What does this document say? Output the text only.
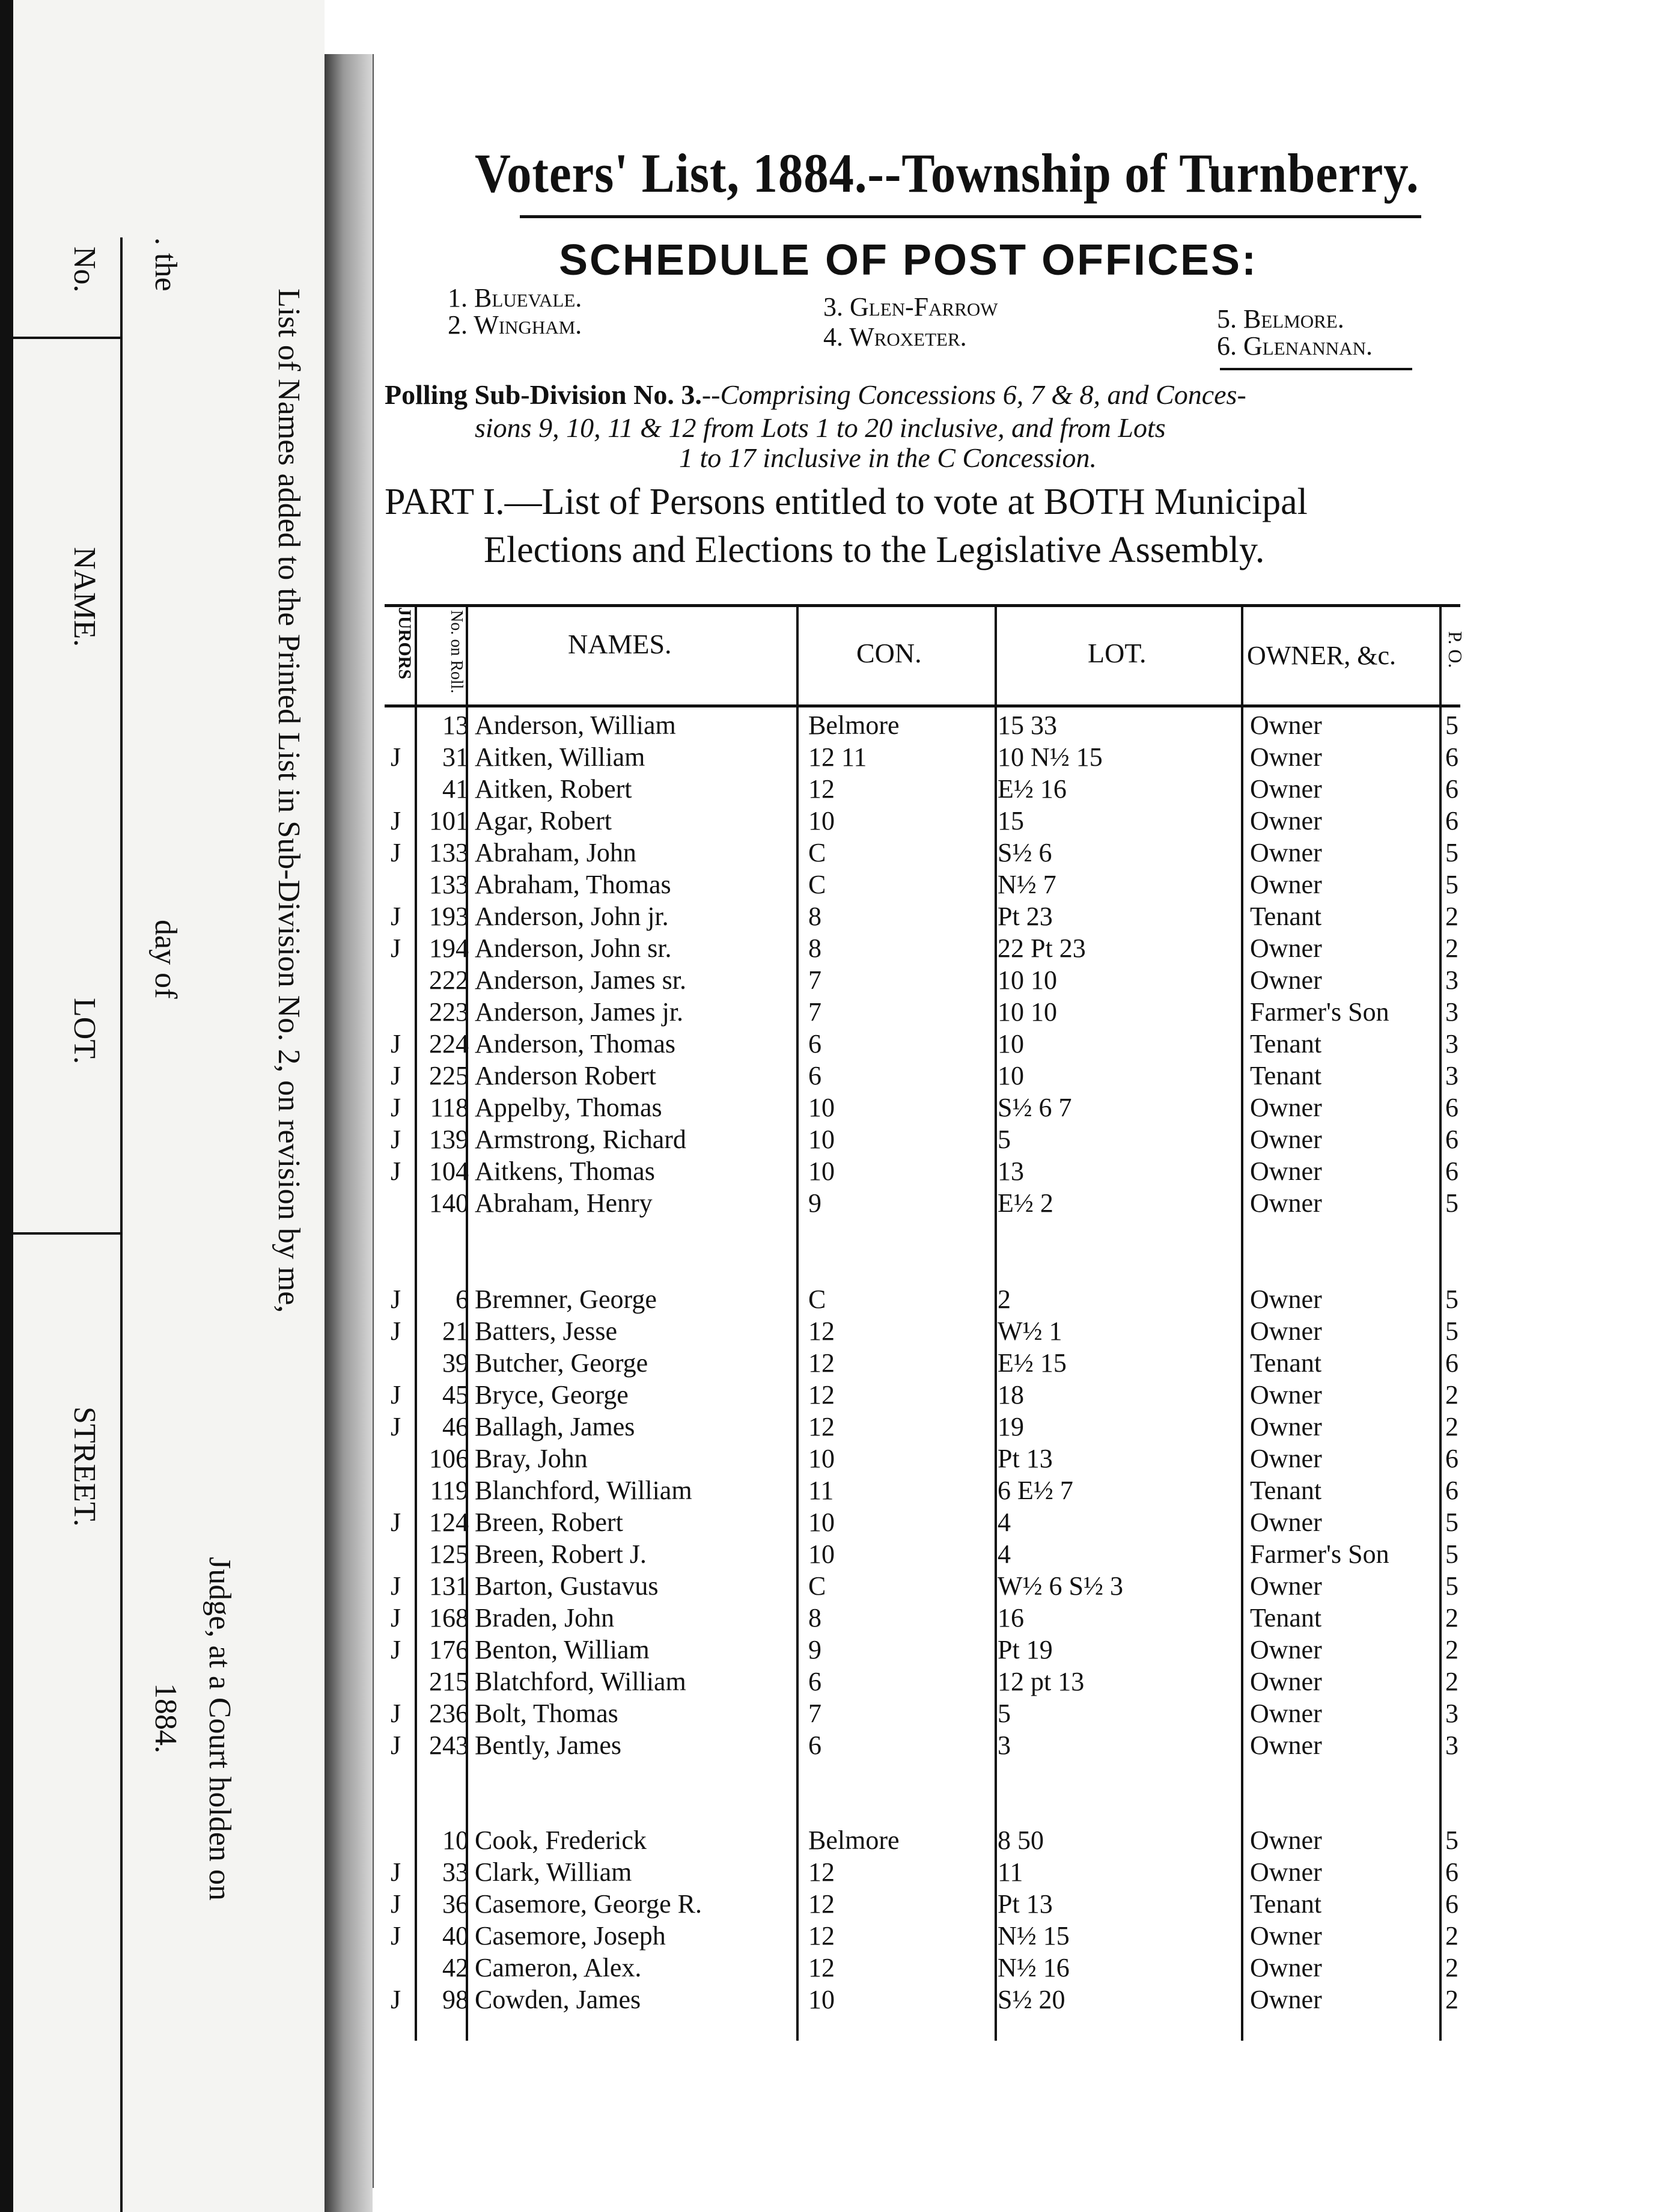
No.
NAME.
LOT.
STREET.
. the
day of
1884. Judge, at a Court holden on
List of Names added to the Printed List in Sub-Division No. 2, on revision by me,
Voters' List, 1884.--Township of Turnberry.
SCHEDULE OF POST OFFICES:
1. Bluevale.
2. Wingham.
3. Glen-Farrow
4. Wroxeter.
5. Belmore.
6. Glenannan.
Polling Sub-Division No. 3.--Comprising Concessions 6, 7 & 8, and Conces-
sions 9, 10, 11 & 12 from Lots 1 to 20 inclusive, and from Lots
1 to 17 inclusive in the C Concession.
PART I.—List of Persons entitled to vote at BOTH Municipal
Elections and Elections to the Legislative Assembly.
JURORS No. on Roll.	NAMES.	CON.	LOT.	OWNER, &c.	P. O.
13 Anderson, William	Belmore	15 33	Owner	5
J	31 Aitken, William	12 11	10 N½ 15	Owner	6
41 Aitken, Robert	12	E½ 16	Owner	6
J	101 Agar, Robert	10	15	Owner	6
J	133 Abraham, John	C	S½ 6	Owner	5
133 Abraham, Thomas	C	N½ 7	Owner	5
J	193 Anderson, John jr.	8	Pt 23	Tenant	2
J	194 Anderson, John sr.	8	22 Pt 23	Owner	2
222 Anderson, James sr.	7	10 10	Owner	3
223 Anderson, James jr.	7	10 10	Farmer's Son 3
J	224 Anderson, Thomas	6	10	Tenant	3
J	225 Anderson Robert	6	10	Tenant	3
J	118 Appelby, Thomas	10	S½ 6 7	Owner	6
J	139 Armstrong, Richard	10	5	Owner	6
J	104 Aitkens, Thomas	10	13	Owner	6
140 Abraham, Henry	9	E½ 2	Owner	5
J	6 Bremner, George	C	2	Owner	5
J	21 Batters, Jesse	12	W½ 1	Owner	5
39 Butcher, George	12	E½ 15	Tenant	6
J	45 Bryce, George	12	18	Owner	2
J	46 Ballagh, James	12	19	Owner	2
106 Bray, John	10	Pt 13	Owner	6
119 Blanchford, William	11	6 E½ 7	Tenant	6
J	124 Breen, Robert	10	4	Owner	5
125 Breen, Robert J.	10	4	Farmer's Son 5
J	131 Barton, Gustavus	C	W½ 6 S½ 3	Owner	5
J	168 Braden, John	8	16	Tenant	2
J	176 Benton, William	9	Pt 19	Owner	2
215 Blatchford, William	6	12 pt 13	Owner	2
J	236 Bolt, Thomas	7	5	Owner	3
J	243 Bently, James	6	3	Owner	3
10 Cook, Frederick	Belmore	8 50	Owner	5
J	33 Clark, William	12	11	Owner	6
J	36 Casemore, George R.	12	Pt 13	Tenant	6
J	40 Casemore, Joseph	12	N½ 15	Owner	2
42 Cameron, Alex.	12	N½ 16	Owner	2
J	98 Cowden, James	10	S½ 20	Owner	2
